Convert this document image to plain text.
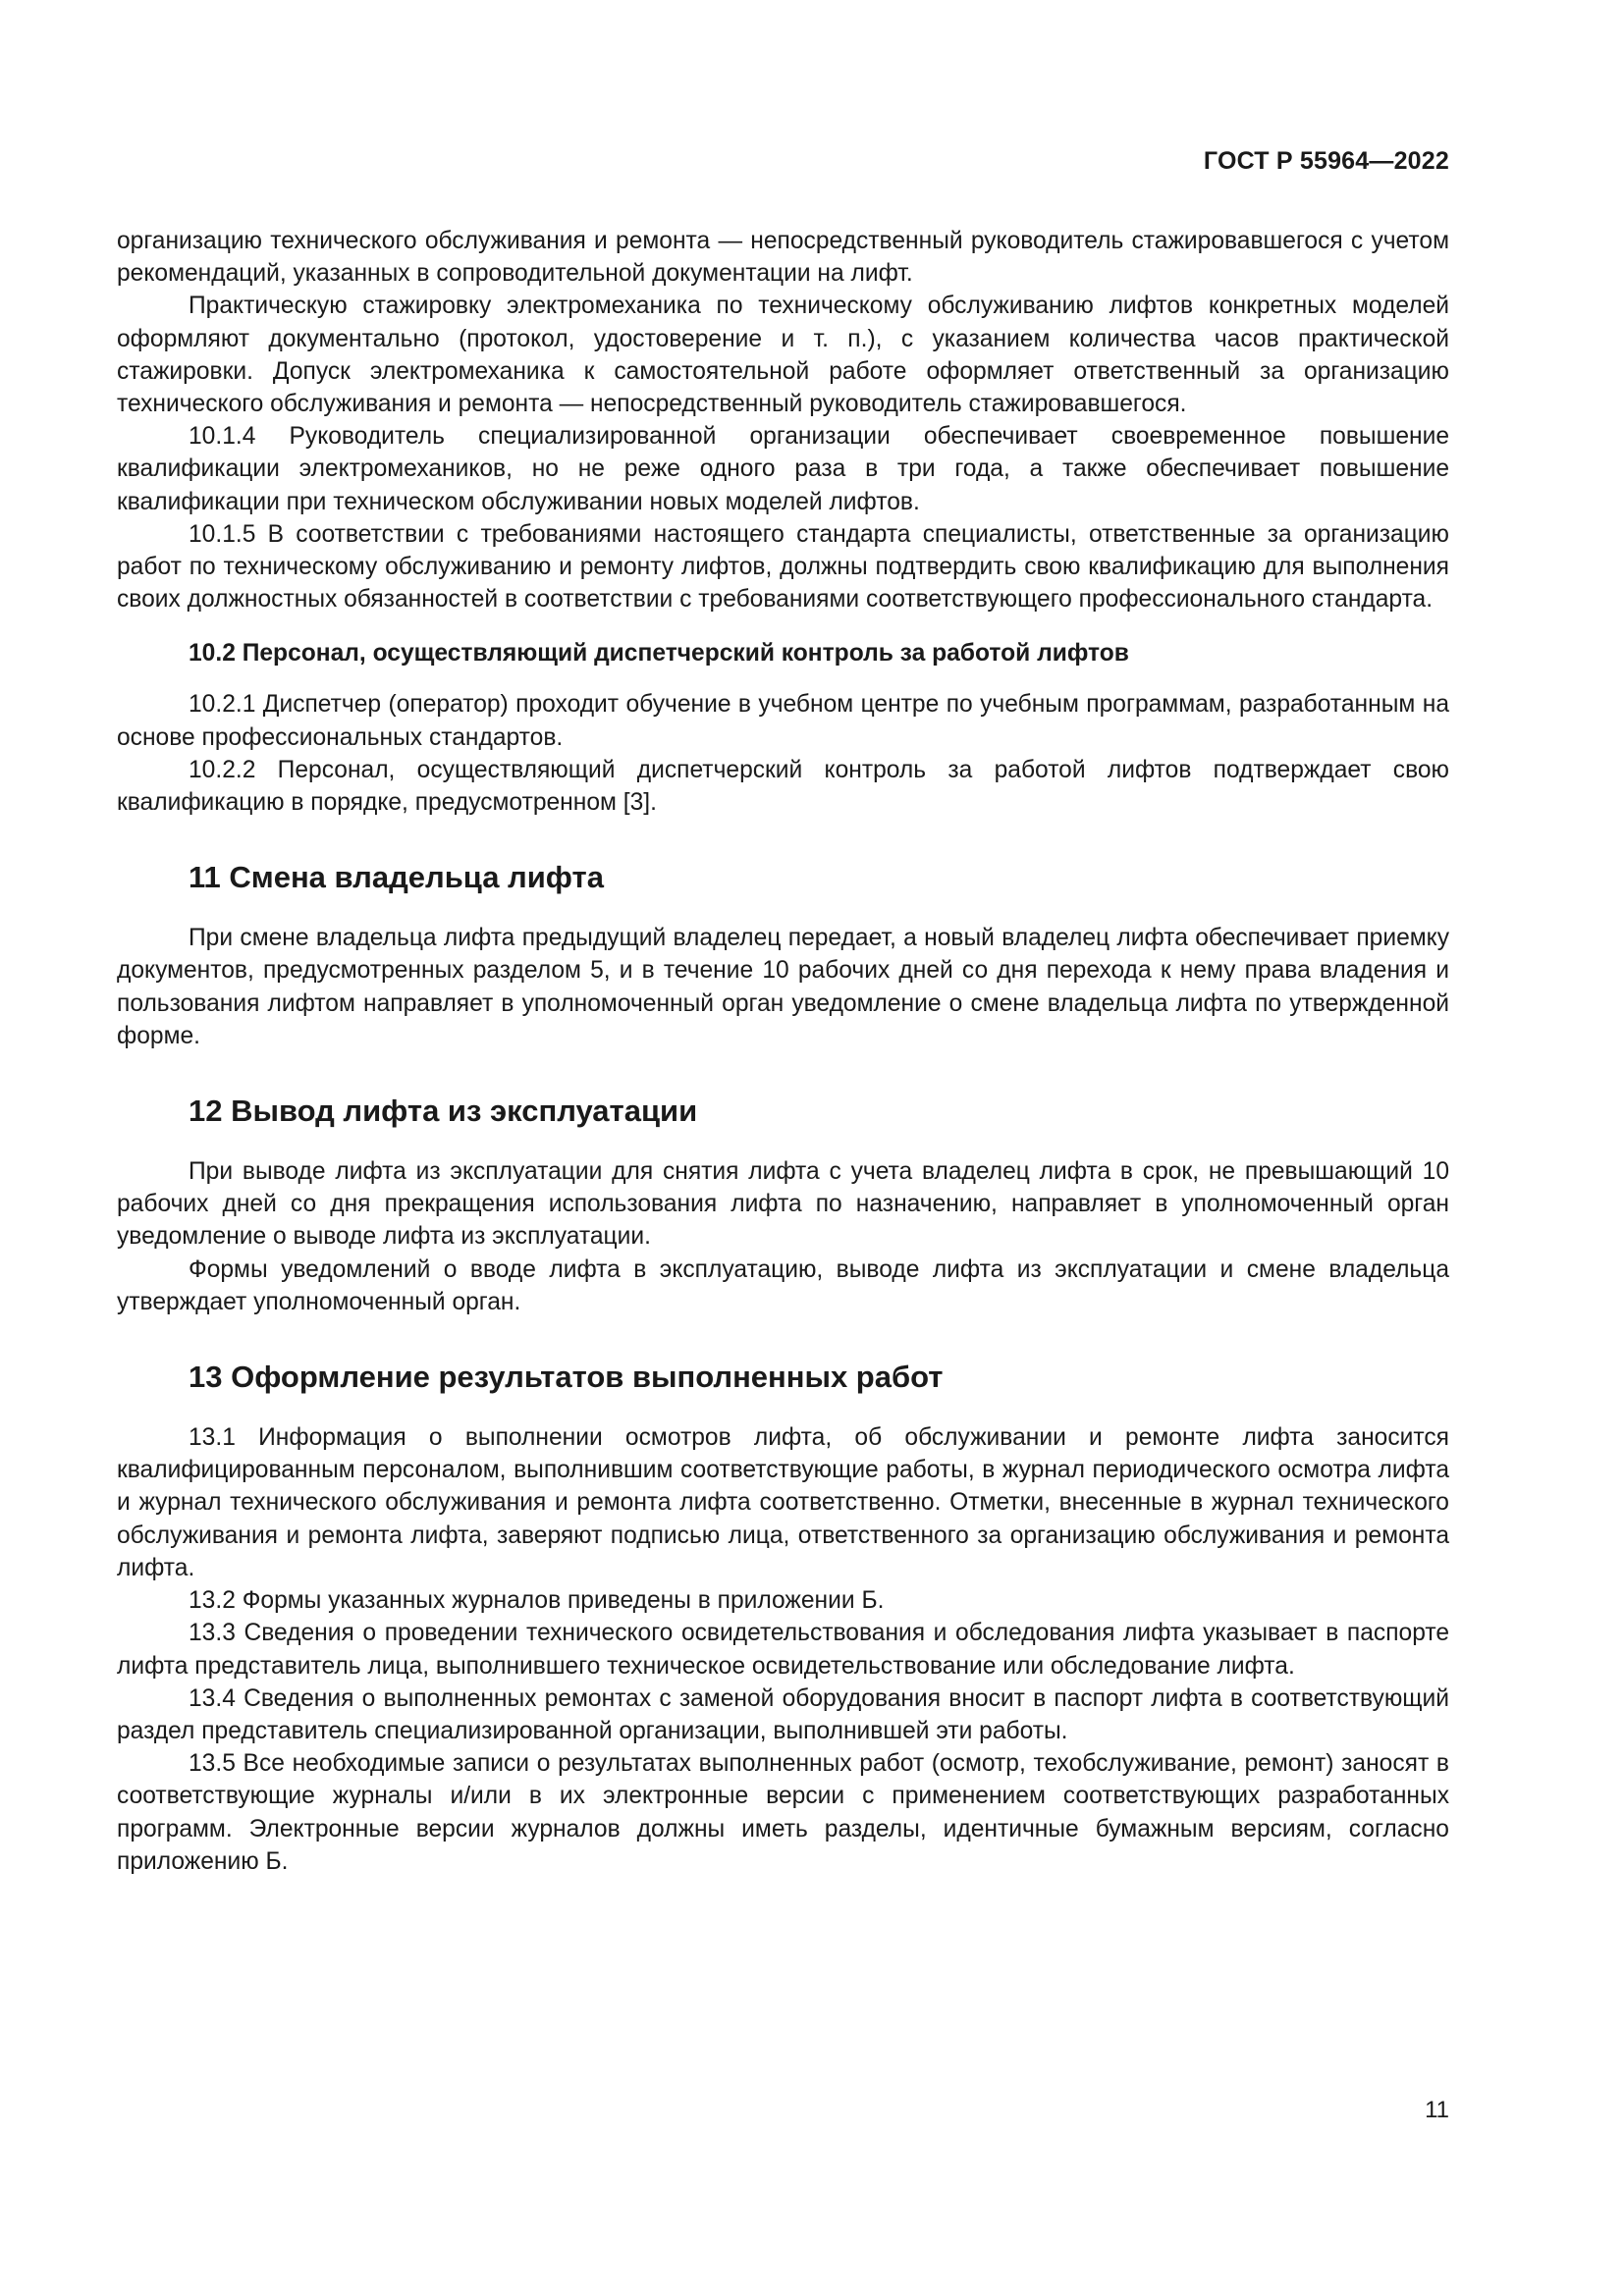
ГОСТ Р 55964—2022

организацию технического обслуживания и ремонта — непосредственный руководитель стажировавшегося с учетом рекомендаций, указанных в сопроводительной документации на лифт.

Практическую стажировку электромеханика по техническому обслуживанию лифтов конкретных моделей оформляют документально (протокол, удостоверение и т. п.), с указанием количества часов практической стажировки. Допуск электромеханика к самостоятельной работе оформляет ответственный за организацию технического обслуживания и ремонта — непосредственный руководитель стажировавшегося.

10.1.4 Руководитель специализированной организации обеспечивает своевременное повышение квалификации электромехаников, но не реже одного раза в три года, а также обеспечивает повышение квалификации при техническом обслуживании новых моделей лифтов.

10.1.5 В соответствии с требованиями настоящего стандарта специалисты, ответственные за организацию работ по техническому обслуживанию и ремонту лифтов, должны подтвердить свою квалификацию для выполнения своих должностных обязанностей в соответствии с требованиями соответствующего профессионального стандарта.

10.2 Персонал, осуществляющий диспетчерский контроль за работой лифтов

10.2.1 Диспетчер (оператор) проходит обучение в учебном центре по учебным программам, разработанным на основе профессиональных стандартов.

10.2.2 Персонал, осуществляющий диспетчерский контроль за работой лифтов подтверждает свою квалификацию в порядке, предусмотренном [3].

11 Смена владельца лифта

При смене владельца лифта предыдущий владелец передает, а новый владелец лифта обеспечивает приемку документов, предусмотренных разделом 5, и в течение 10 рабочих дней со дня перехода к нему права владения и пользования лифтом направляет в уполномоченный орган уведомление о смене владельца лифта по утвержденной форме.

12 Вывод лифта из эксплуатации

При выводе лифта из эксплуатации для снятия лифта с учета владелец лифта в срок, не превышающий 10 рабочих дней со дня прекращения использования лифта по назначению, направляет в уполномоченный орган уведомление о выводе лифта из эксплуатации.

Формы уведомлений о вводе лифта в эксплуатацию, выводе лифта из эксплуатации и смене владельца утверждает уполномоченный орган.

13 Оформление результатов выполненных работ

13.1 Информация о выполнении осмотров лифта, об обслуживании и ремонте лифта заносится квалифицированным персоналом, выполнившим соответствующие работы, в журнал периодического осмотра лифта и журнал технического обслуживания и ремонта лифта соответственно. Отметки, внесенные в журнал технического обслуживания и ремонта лифта, заверяют подписью лица, ответственного за организацию обслуживания и ремонта лифта.

13.2 Формы указанных журналов приведены в приложении Б.

13.3 Сведения о проведении технического освидетельствования и обследования лифта указывает в паспорте лифта представитель лица, выполнившего техническое освидетельствование или обследование лифта.

13.4 Сведения о выполненных ремонтах с заменой оборудования вносит в паспорт лифта в соответствующий раздел представитель специализированной организации, выполнившей эти работы.

13.5 Все необходимые записи о результатах выполненных работ (осмотр, техобслуживание, ремонт) заносят в соответствующие журналы и/или в их электронные версии с применением соответствующих разработанных программ. Электронные версии журналов должны иметь разделы, идентичные бумажным версиям, согласно приложению Б.

11
